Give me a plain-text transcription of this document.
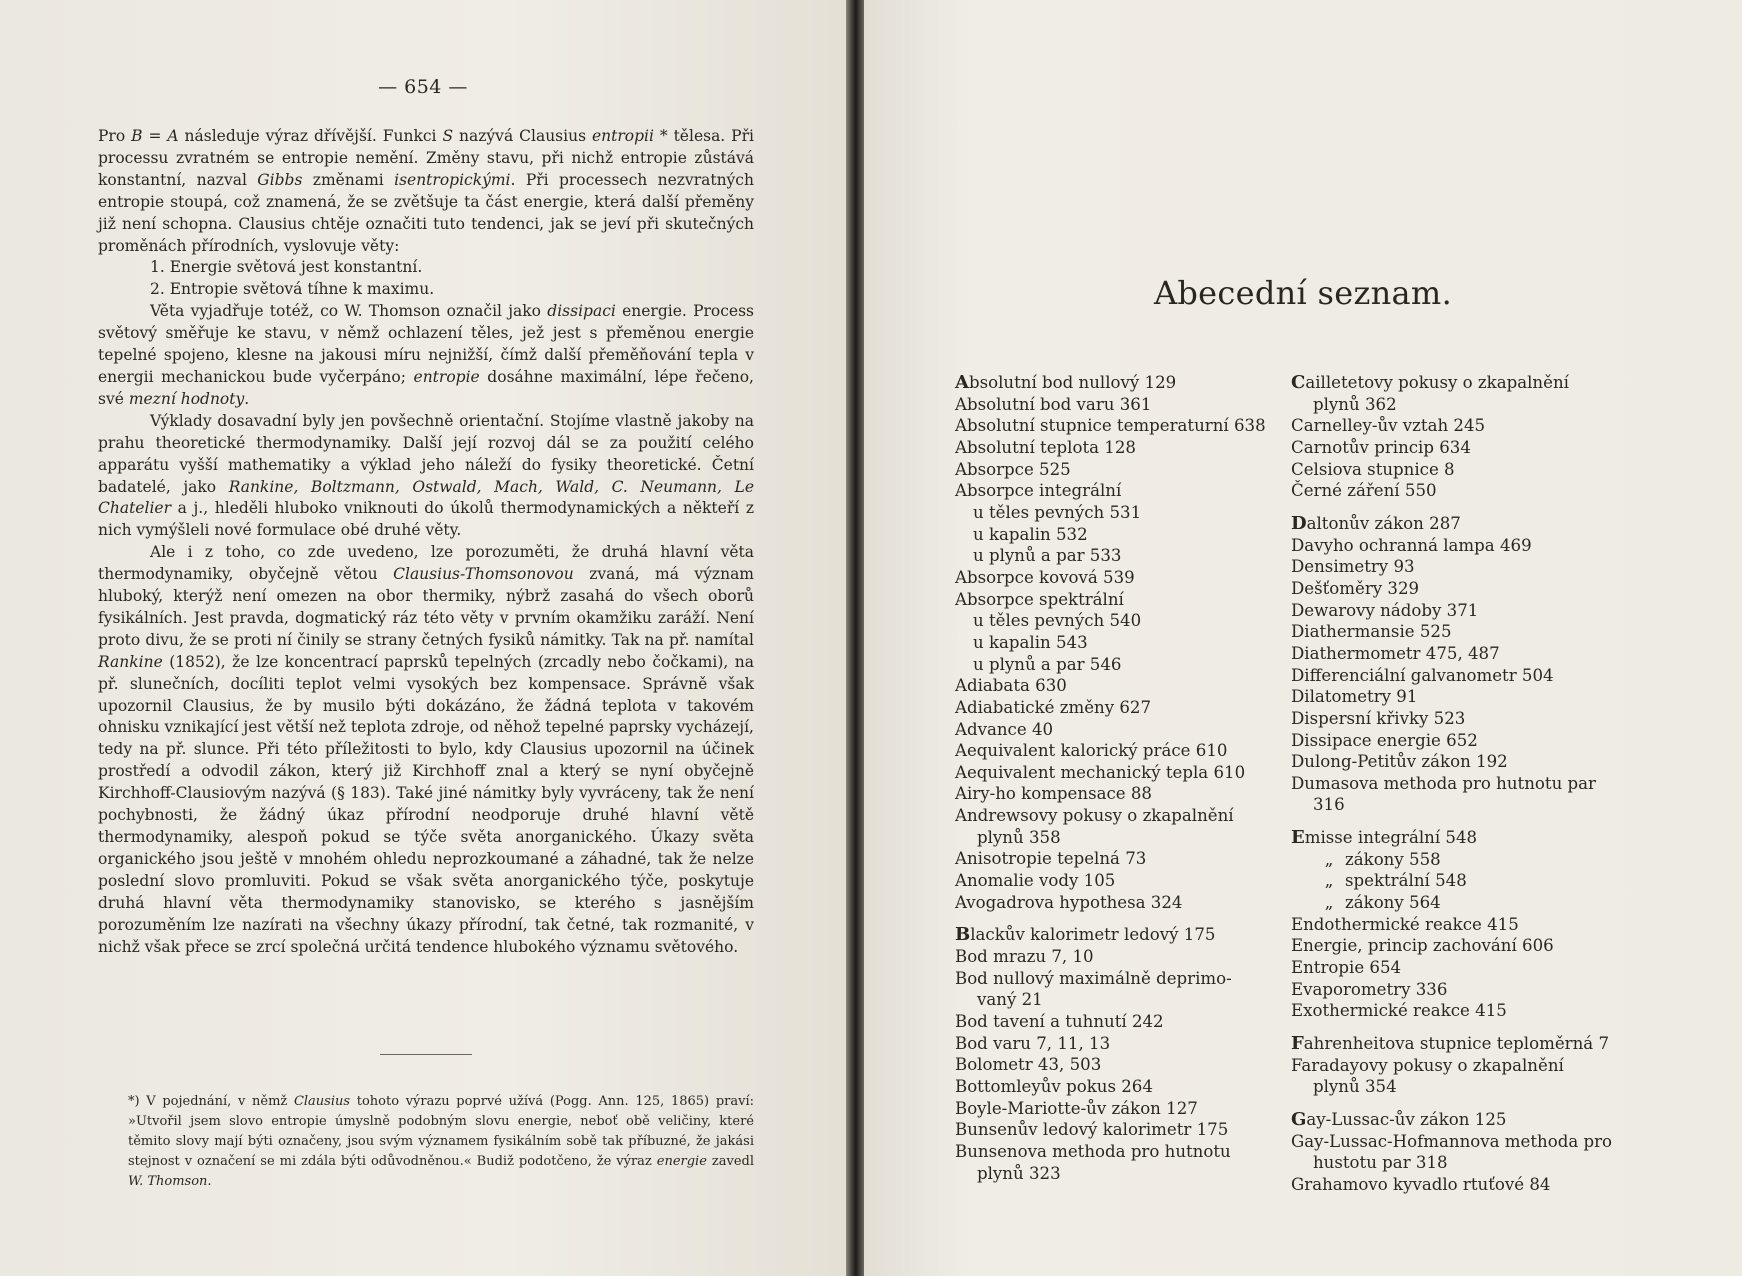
— 654 —

Pro B = A následuje výraz dřívější. Funkci S nazývá Clausius entropii * tělesa. Při processu zvratném se entropie nemění. Změny stavu, při nichž entropie zůstává konstantní, nazval Gibbs změnami isentropickými. Při processech nezvratných entropie stoupá, což znamená, že se zvětšuje ta část energie, která další přeměny již není schopna. Clausius chtěje označiti tuto tendenci, jak se jeví při skutečných proměnách přírodních, vyslovuje věty:

1. Energie světová jest konstantní.

2. Entropie světová tíhne k maximu.

Věta vyjadřuje totéž, co W. Thomson označil jako dissipaci energie. Process světový směřuje ke stavu, v němž ochlazení těles, jež jest s přeměnou energie tepelné spojeno, klesne na jakousi míru nejnižší, čímž další přeměňování tepla v energii mechanickou bude vyčerpáno; entropie dosáhne maximální, lépe řečeno, své mezní hodnoty.

Výklady dosavadní byly jen povšechně orientační. Stojíme vlastně jakoby na prahu theoretické thermodynamiky. Další její rozvoj dál se za použití celého apparátu vyšší mathematiky a výklad jeho náleží do fysiky theoretické. Četní badatelé, jako Rankine, Boltzmann, Ostwald, Mach, Wald, C. Neumann, Le Chatelier a j., hleděli hluboko vniknouti do úkolů thermodynamických a někteří z nich vymýšleli nové formulace obé druhé věty.

Ale i z toho, co zde uvedeno, lze porozuměti, že druhá hlavní věta thermodynamiky, obyčejně větou Clausius-Thomsonovou zvaná, má význam hluboký, kterýž není omezen na obor thermiky, nýbrž zasahá do všech oborů fysikálních. Jest pravda, dogmatický ráz této věty v prvním okamžiku zaráží. Není proto divu, že se proti ní činily se strany četných fysiků námitky. Tak na př. namítal Rankine (1852), že lze koncentrací paprsků tepelných (zrcadly nebo čočkami), na př. slunečních, docíliti teplot velmi vysokých bez kompensace. Správně však upozornil Clausius, že by musilo býti dokázáno, že žádná teplota v takovém ohnisku vznikající jest větší než teplota zdroje, od něhož tepelné paprsky vycházejí, tedy na př. slunce. Při této příležitosti to bylo, kdy Clausius upozornil na účinek prostředí a odvodil zákon, který již Kirchhoff znal a který se nyní obyčejně Kirchhoff-Clausiovým nazývá (§ 183). Také jiné námitky byly vyvráceny, tak že není pochybnosti, že žádný úkaz přírodní neodporuje druhé hlavní větě thermodynamiky, alespoň pokud se týče světa anorganického. Úkazy světa organického jsou ještě v mnohém ohledu neprozkoumané a záhadné, tak že nelze poslední slovo promluviti. Pokud se však světa anorganického týče, poskytuje druhá hlavní věta thermodynamiky stanovisko, se kterého s jasnějším porozuměním lze nazírati na všechny úkazy přírodní, tak četné, tak rozmanité, v nichž však přece se zrcí společná určitá tendence hlubokého významu světového.

*) V pojednání, v němž Clausius tohoto výrazu poprvé užívá (Pogg. Ann. 125, 1865) praví: »Utvořil jsem slovo entropie úmyslně podobným slovu energie, neboť obě veličiny, které těmito slovy mají býti označeny, jsou svým významem fysikálním sobě tak příbuzné, že jakási stejnost v označení se mi zdála býti odůvodněnou.« Budiž podotčeno, že výraz energie zavedl W. Thomson.

Abecední seznam.
Absolutní bod nullový 129
Absolutní bod varu 361
Absolutní stupnice temperaturní 638
Absolutní teplota 128
Absorpce 525
Absorpce integrální
u těles pevných 531
u kapalin 532
u plynů a par 533
Absorpce kovová 539
Absorpce spektrální
u těles pevných 540
u kapalin 543
u plynů a par 546
Adiabata 630
Adiabatické změny 627
Advance 40
Aequivalent kalorický práce 610
Aequivalent mechanický tepla 610
Airy-ho kompensace 88
Andrewsovy pokusy o zkapalnění
plynů 358
Anisotropie tepelná 73
Anomalie vody 105
Avogadrova hypothesa 324
Blackův kalorimetr ledový 175
Bod mrazu 7, 10
Bod nullový maximálně deprimo-
vaný 21
Bod tavení a tuhnutí 242
Bod varu 7, 11, 13
Bolometr 43, 503
Bottomleyův pokus 264
Boyle-Mariotte-ův zákon 127
Bunsenův ledový kalorimetr 175
Bunsenova methoda pro hutnotu
plynů 323
Cailletetovy pokusy o zkapalnění
plynů 362
Carnelley-ův vztah 245
Carnotův princip 634
Celsiova stupnice 8
Černé záření 550
Daltonův zákon 287
Davyho ochranná lampa 469
Densimetry 93
Dešťoměry 329
Dewarovy nádoby 371
Diathermansie 525
Diathermometr 475, 487
Differenciální galvanometr 504
Dilatometry 91
Dispersní křivky 523
Dissipace energie 652
Dulong-Petitův zákon 192
Dumasova methoda pro hutnotu par
316
Emisse integrální 548
„ zákony 558
„ spektrální 548
„ zákony 564
Endothermické reakce 415
Energie, princip zachování 606
Entropie 654
Evaporometry 336
Exothermické reakce 415
Fahrenheitova stupnice teploměrná 7
Faradayovy pokusy o zkapalnění
plynů 354
Gay-Lussac-ův zákon 125
Gay-Lussac-Hofmannova methoda pro
hustotu par 318
Grahamovo kyvadlo rtuťové 84
